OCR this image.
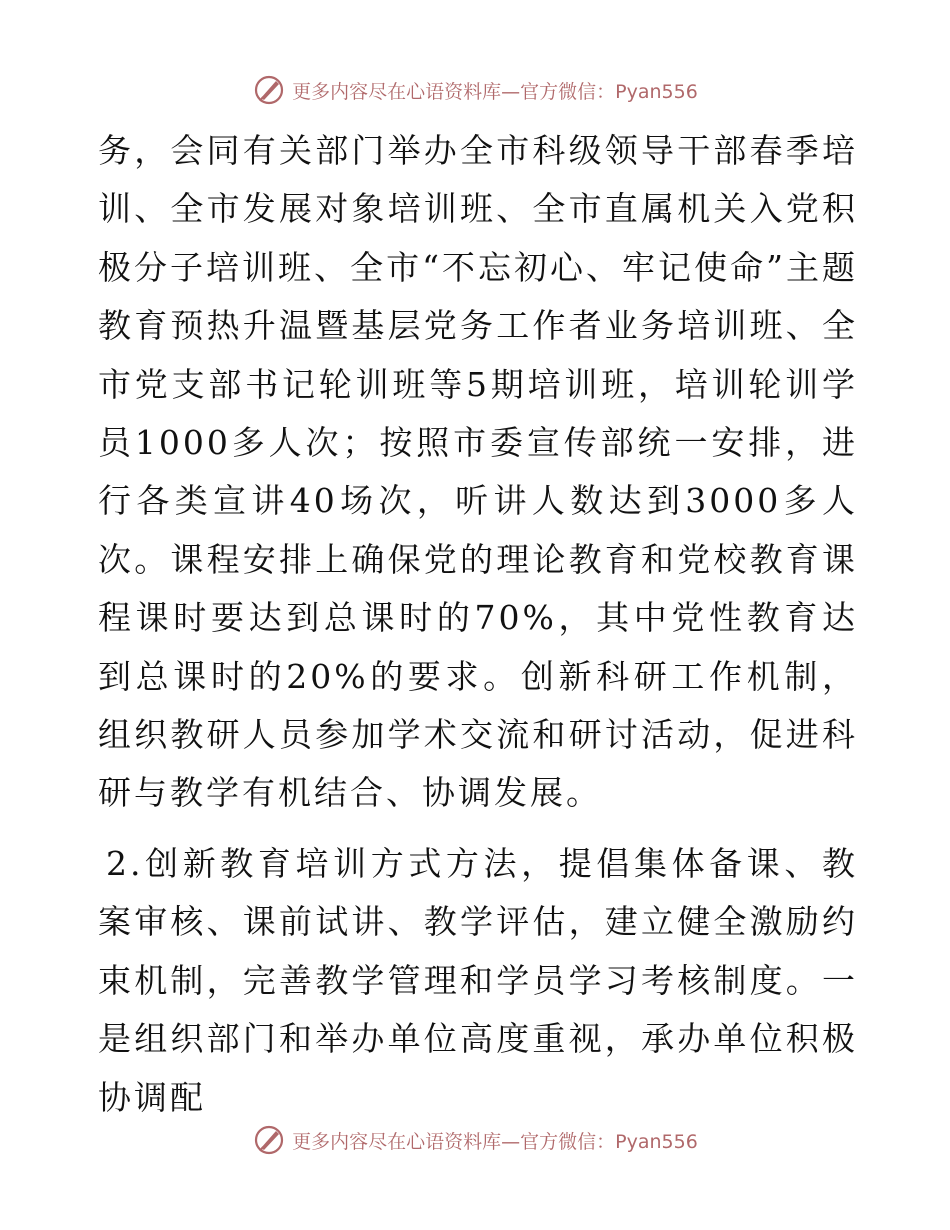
更多内容尽在心语资料库—官方微信：Pyan556

务，会同有关部门举办全市科级领导干部春季培训、全市发展对象培训班、全市直属机关入党积极分子培训班、全市“不忘初心、牢记使命”主题教育预热升温暨基层党务工作者业务培训班、全市党支部书记轮训班等5期培训班，培训轮训学员1000多人次；按照市委宣传部统一安排，进行各类宣讲40场次，听讲人数达到3000多人次。课程安排上确保党的理论教育和党校教育课程课时要达到总课时的70%，其中党性教育达到总课时的20%的要求。创新科研工作机制，组织教研人员参加学术交流和研讨活动，促进科研与教学有机结合、协调发展。

2.创新教育培训方式方法，提倡集体备课、教案审核、课前试讲、教学评估，建立健全激励约束机制，完善教学管理和学员学习考核制度。一是组织部门和举办单位高度重视，承办单位积极协调配

更多内容尽在心语资料库—官方微信：Pyan556
